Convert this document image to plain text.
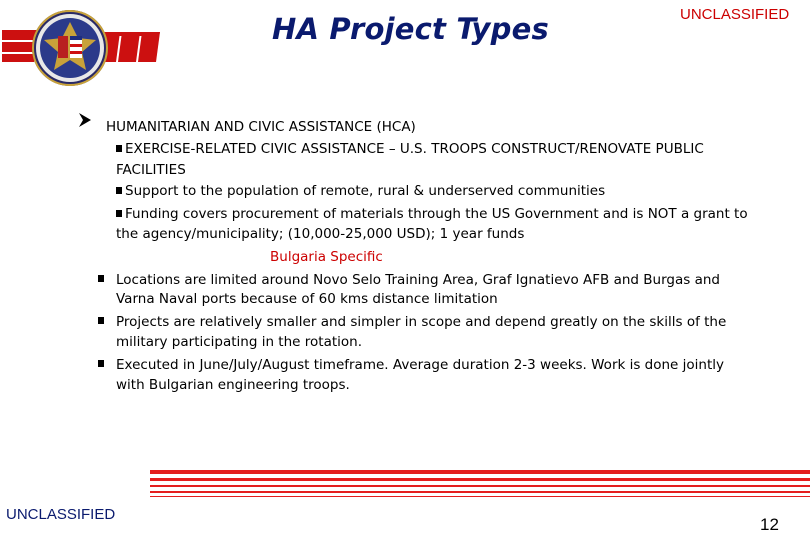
HA Project Types	UNCLASSIFIED
HUMANITARIAN AND CIVIC ASSISTANCE (HCA)
EXERCISE-RELATED CIVIC ASSISTANCE – U.S. TROOPS CONSTRUCT/RENOVATE PUBLIC
FACILITIES
Support to the population of remote, rural & underserved communities
Funding covers procurement of materials through the US Government and is NOT a grant to
the agency/municipality; (10,000-25,000 USD); 1 year funds
Bulgaria Specific
Locations are limited around Novo Selo Training Area, Graf Ignatievo AFB and Burgas and
Varna Naval ports because of 60 kms distance limitation
Projects are relatively smaller and simpler in scope and depend greatly on the skills of the
military participating in the rotation.
Executed in June/July/August timeframe. Average duration 2-3 weeks. Work is done jointly
with Bulgarian engineering troops.
UNCLASSIFIED
12
